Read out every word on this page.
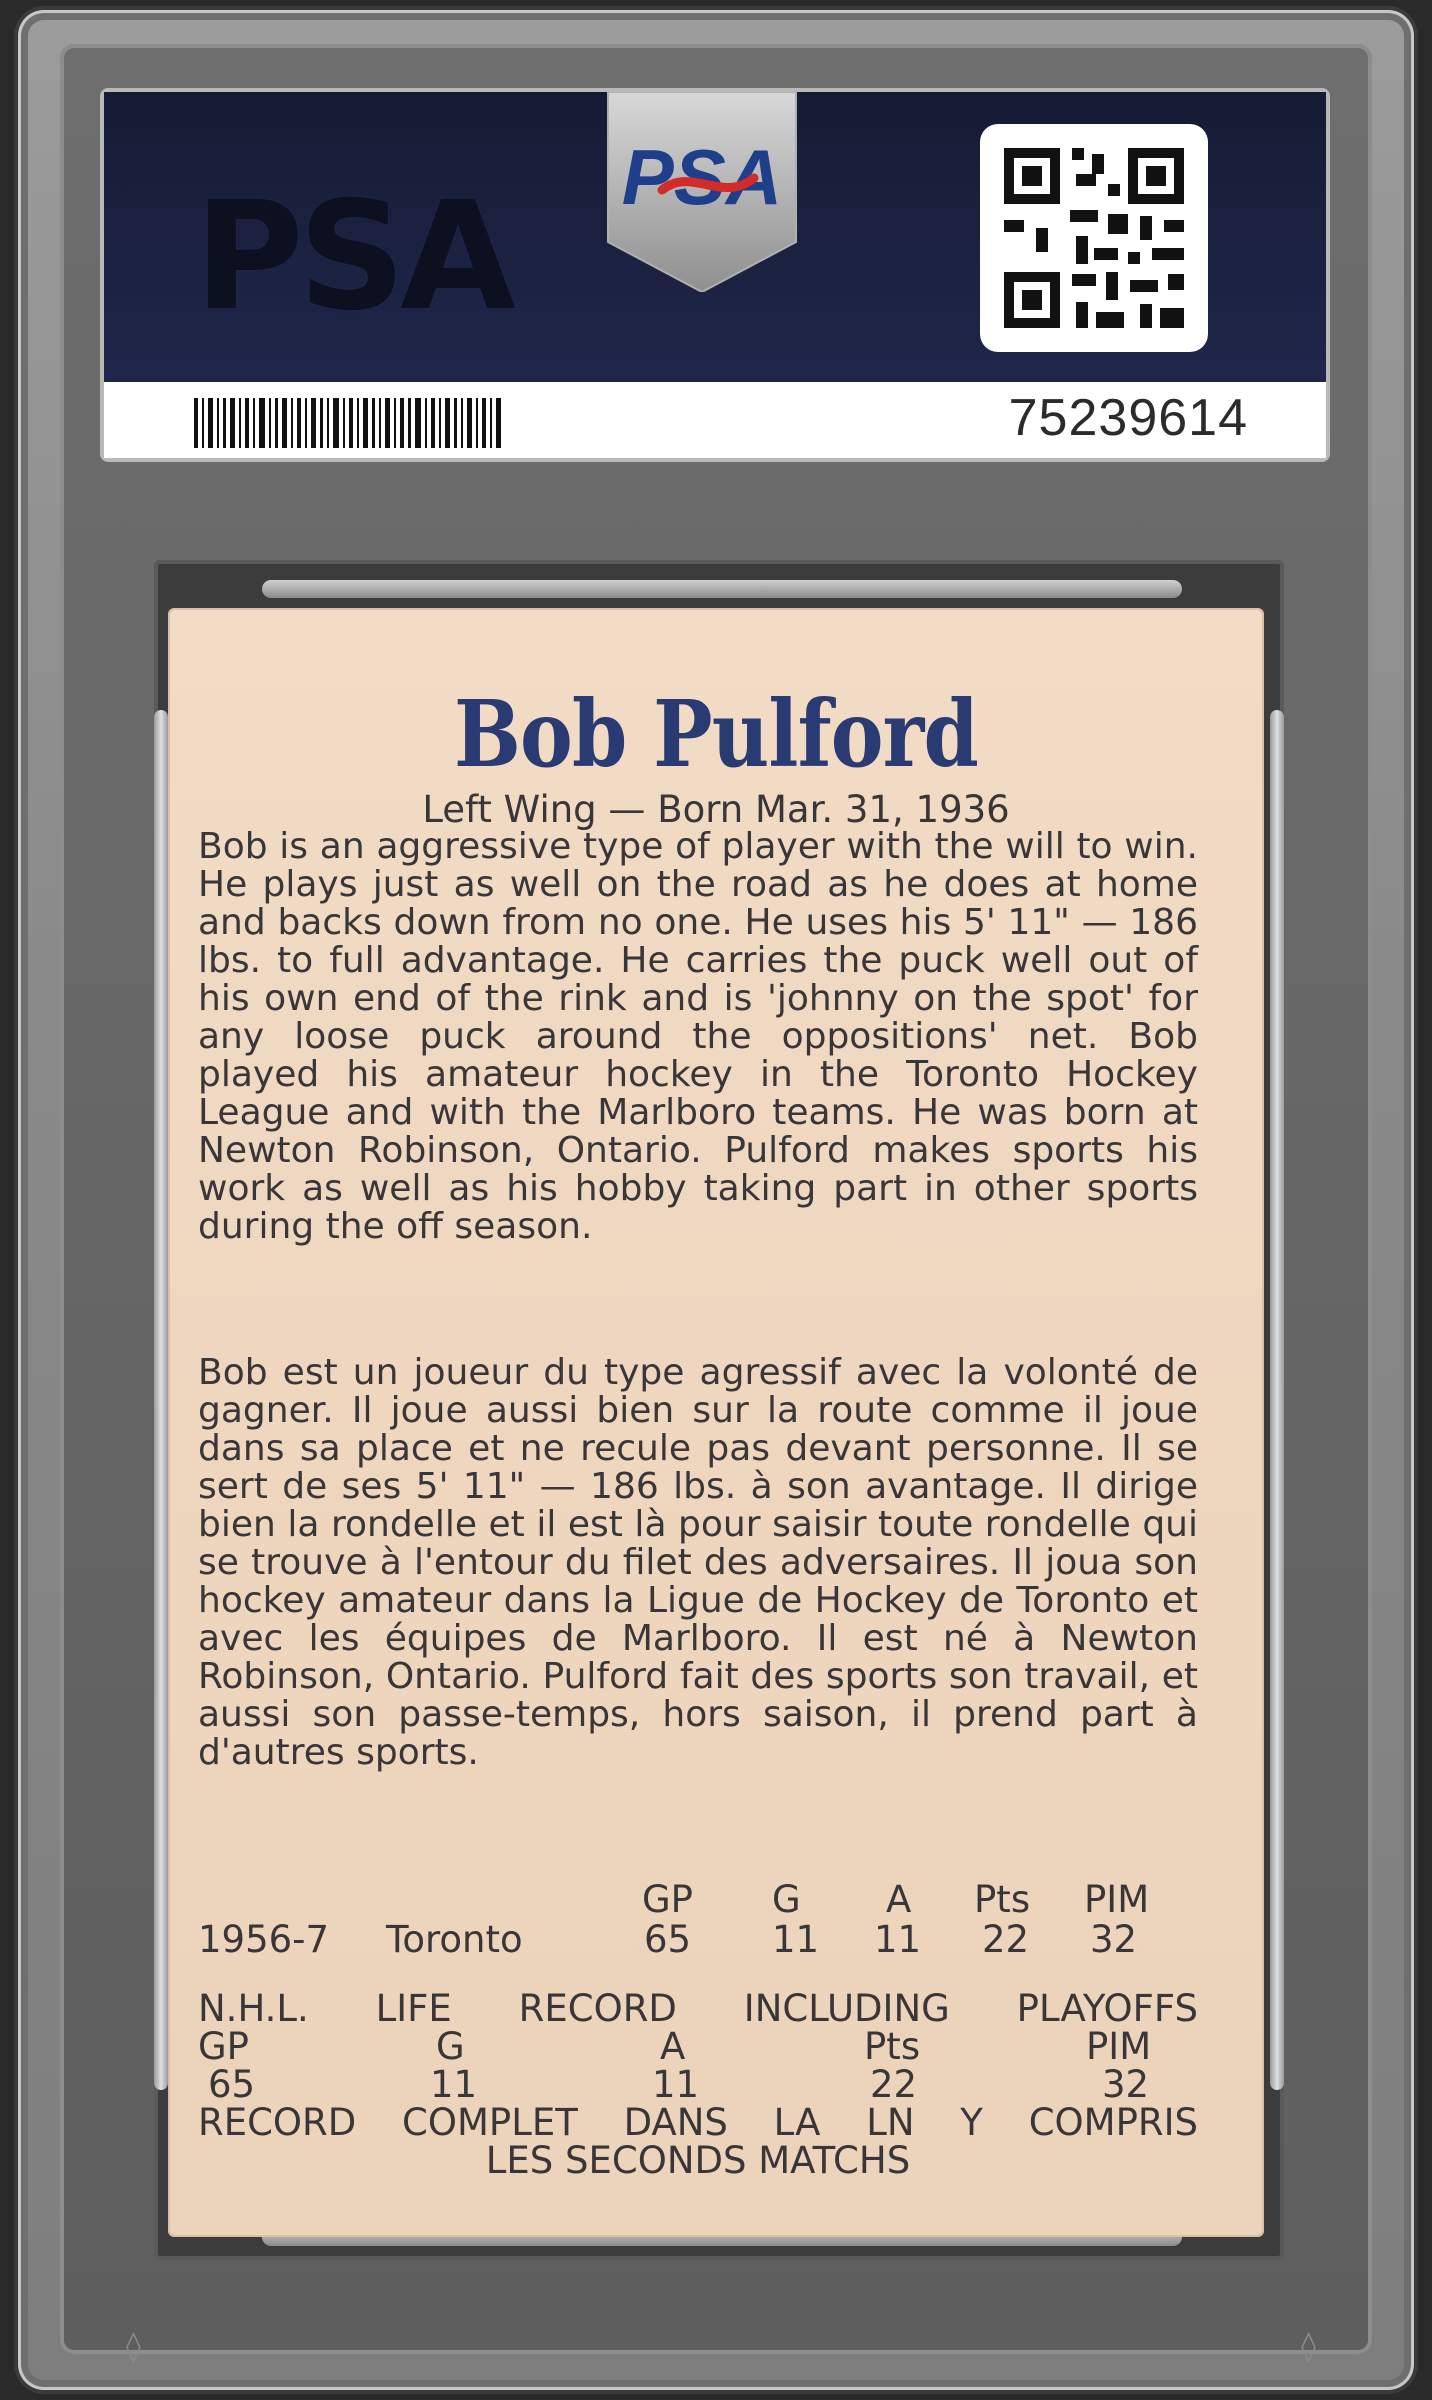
PSA PSA
75239614
Bob Pulford
Left Wing — Born Mar. 31, 1936
Bob is an aggressive type of player with the will to win. He plays just as well on the road as he does at home and backs down from no one. He uses his 5' 11" — 186 lbs. to full advantage. He carries the puck well out of his own end of the rink and is 'johnny on the spot' for any loose puck around the oppositions' net. Bob played his amateur hockey in the Toronto Hockey League and with the Marlboro teams. He was born at Newton Robinson, Ontario. Pulford makes sports his work as well as his hobby taking part in other sports during the off season.
Bob est un joueur du type agressif avec la volonté de gagner. Il joue aussi bien sur la route comme il joue dans sa place et ne recule pas devant personne. Il se sert de ses 5' 11" — 186 lbs. à son avantage. Il dirige bien la rondelle et il est là pour saisir toute rondelle qui se trouve à l'entour du filet des adversaires. Il joua son hockey amateur dans la Ligue de Hockey de Toronto et avec les équipes de Marlboro. Il est né à Newton Robinson, Ontario. Pulford fait des sports son travail, et aussi son passe-temps, hors saison, il prend part à d'autres sports.
GP G A Pts PIM
1956-7 Toronto	65 11 11 22 32
N.H.L. LIFE RECORD INCLUDING PLAYOFFS
GP	G	A	Pts	PIM
65	11	11	22	32
RECORD COMPLET DANS LA LN Y COMPRIS
LES SECONDS MATCHS
◊	◊
